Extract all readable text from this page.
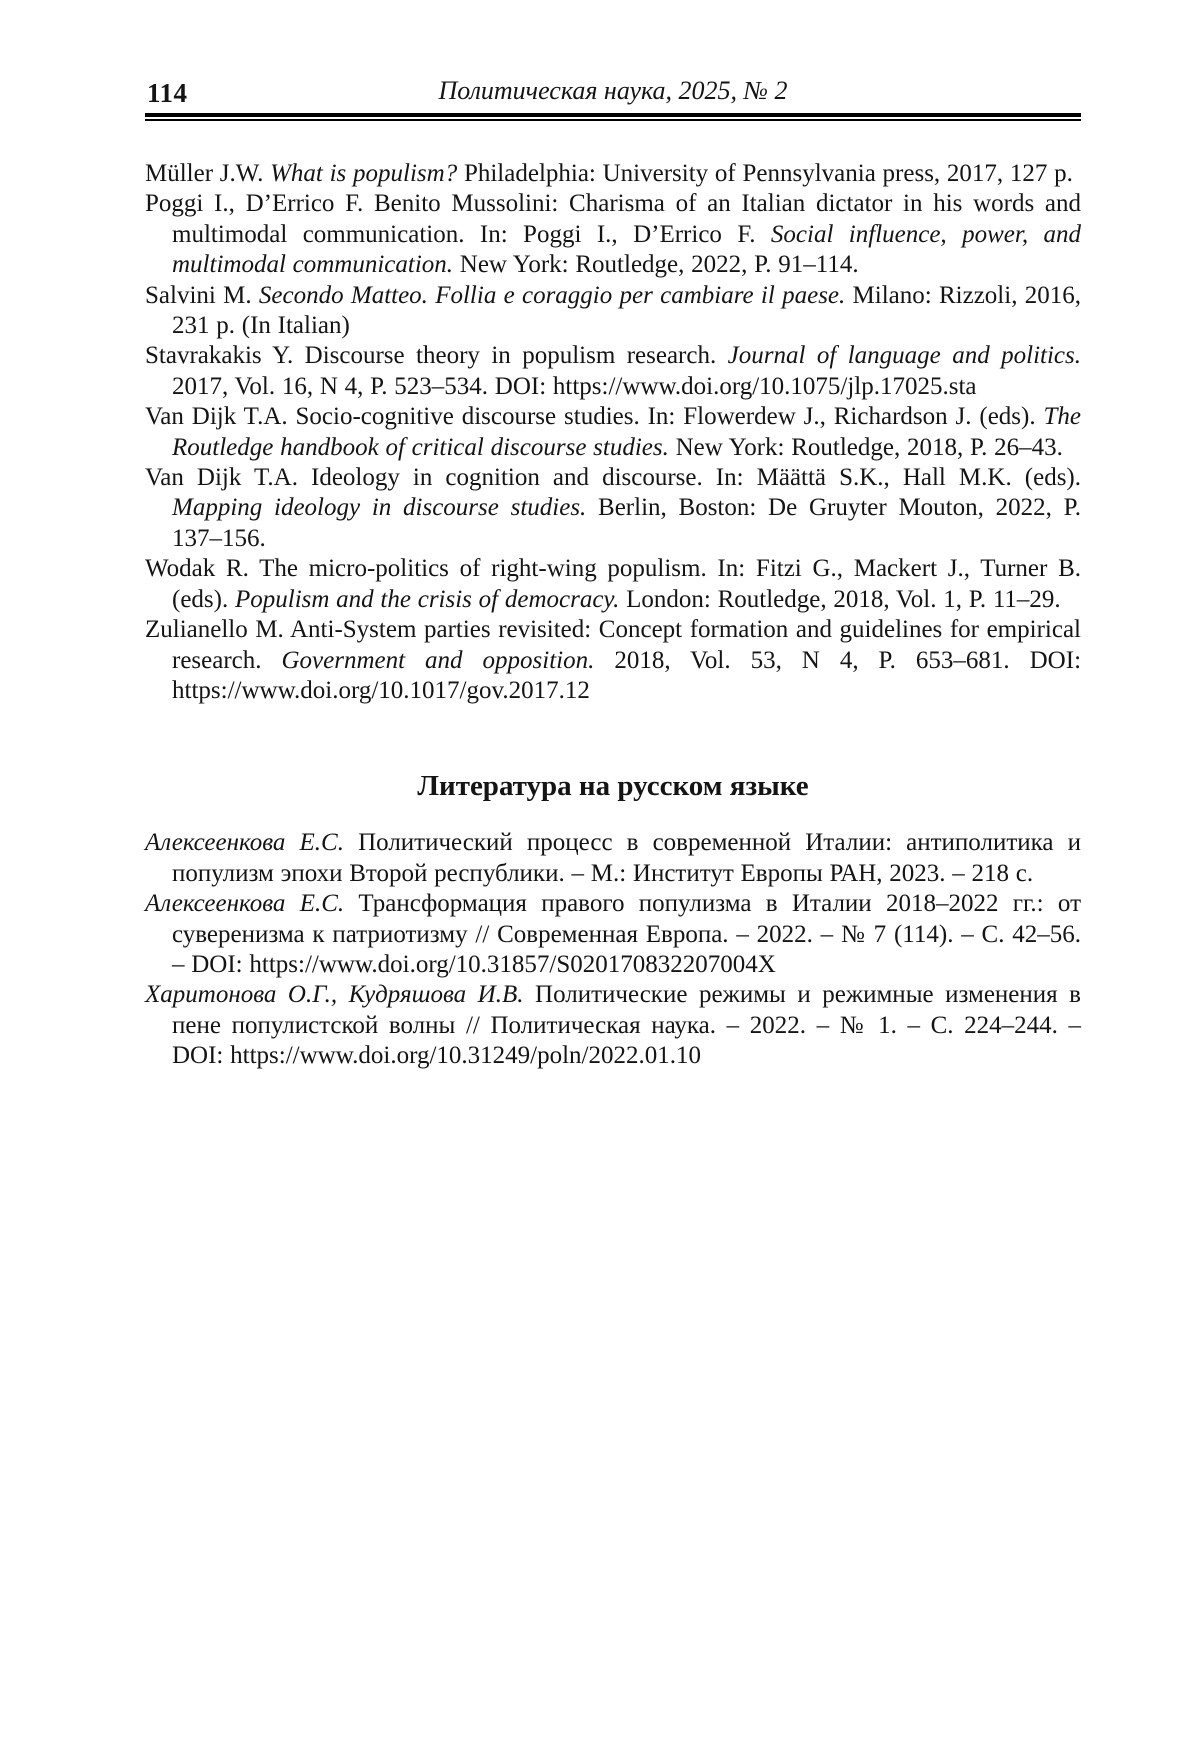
114	Политическая наука, 2025, № 2

Müller J.W. What is populism? Philadelphia: University of Pennsylvania press, 2017, 127 p.

Poggi I., D’Errico F. Benito Mussolini: Charisma of an Italian dictator in his words and multimodal communication. In: Poggi I., D’Errico F. Social influence, power, and multimodal communication. New York: Routledge, 2022, P. 91–114.

Salvini M. Secondo Matteo. Follia e coraggio per cambiare il paese. Milano: Rizzoli, 2016, 231 p. (In Italian)

Stavrakakis Y. Discourse theory in populism research. Journal of language and politics. 2017, Vol. 16, N 4, P. 523–534. DOI: https://www.doi.org/10.1075/jlp.17025.sta

Van Dijk T.A. Socio-cognitive discourse studies. In: Flowerdew J., Richardson J. (eds). The Routledge handbook of critical discourse studies. New York: Routledge, 2018, P. 26–43.

Van Dijk T.A. Ideology in cognition and discourse. In: Määttä S.K., Hall M.K. (eds). Mapping ideology in discourse studies. Berlin, Boston: De Gruyter Mouton, 2022, P. 137–156.

Wodak R. The micro-politics of right-wing populism. In: Fitzi G., Mackert J., Turner B. (eds). Populism and the crisis of democracy. London: Routledge, 2018, Vol. 1, P. 11–29.

Zulianello M. Anti-System parties revisited: Concept formation and guidelines for empirical research. Government and opposition. 2018, Vol. 53, N 4, P. 653–681. DOI: https://www.doi.org/10.1017/gov.2017.12

Литература на русском языке

Алексеенкова Е.С. Политический процесс в современной Италии: антиполитика и популизм эпохи Второй республики. – М.: Институт Европы РАН, 2023. – 218 с.

Алексеенкова Е.С. Трансформация правого популизма в Италии 2018–2022 гг.: от суверенизма к патриотизму // Современная Европа. – 2022. – № 7 (114). – С. 42–56. – DOI: https://www.doi.org/10.31857/S020170832207004X

Харитонова О.Г., Кудряшова И.В. Политические режимы и режимные изменения в пене популистской волны // Политическая наука. – 2022. – № 1. – С. 224–244. – DOI: https://www.doi.org/10.31249/poln/2022.01.10
